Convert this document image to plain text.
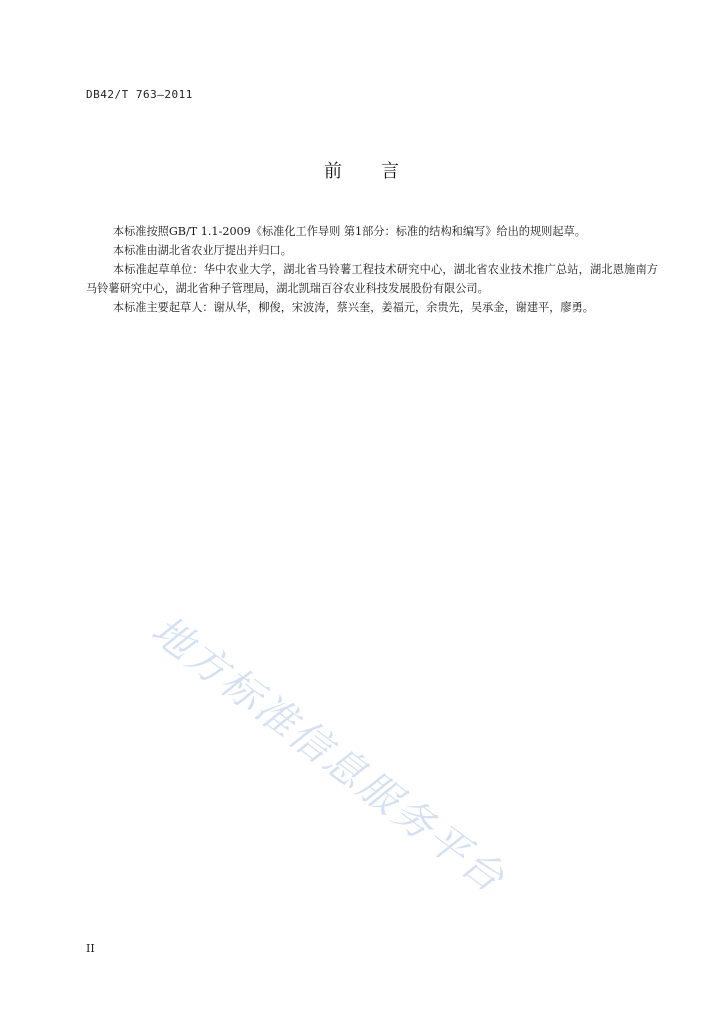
DB42/T 763—2011
前 言

本标准按照GB/T 1.1-2009《标准化工作导则 第1部分：标准的结构和编写》给出的规则起草。

本标准由湖北省农业厅提出并归口。

本标准起草单位：华中农业大学，湖北省马铃薯工程技术研究中心，湖北省农业技术推广总站，湖北恩施南方马铃薯研究中心，湖北省种子管理局，湖北凯瑞百谷农业科技发展股份有限公司。

本标准主要起草人：谢从华，柳俊，宋波涛，蔡兴奎，姜福元，余贵先，吴承金，谢建平，廖勇。

地方标准信息服务平台
II
